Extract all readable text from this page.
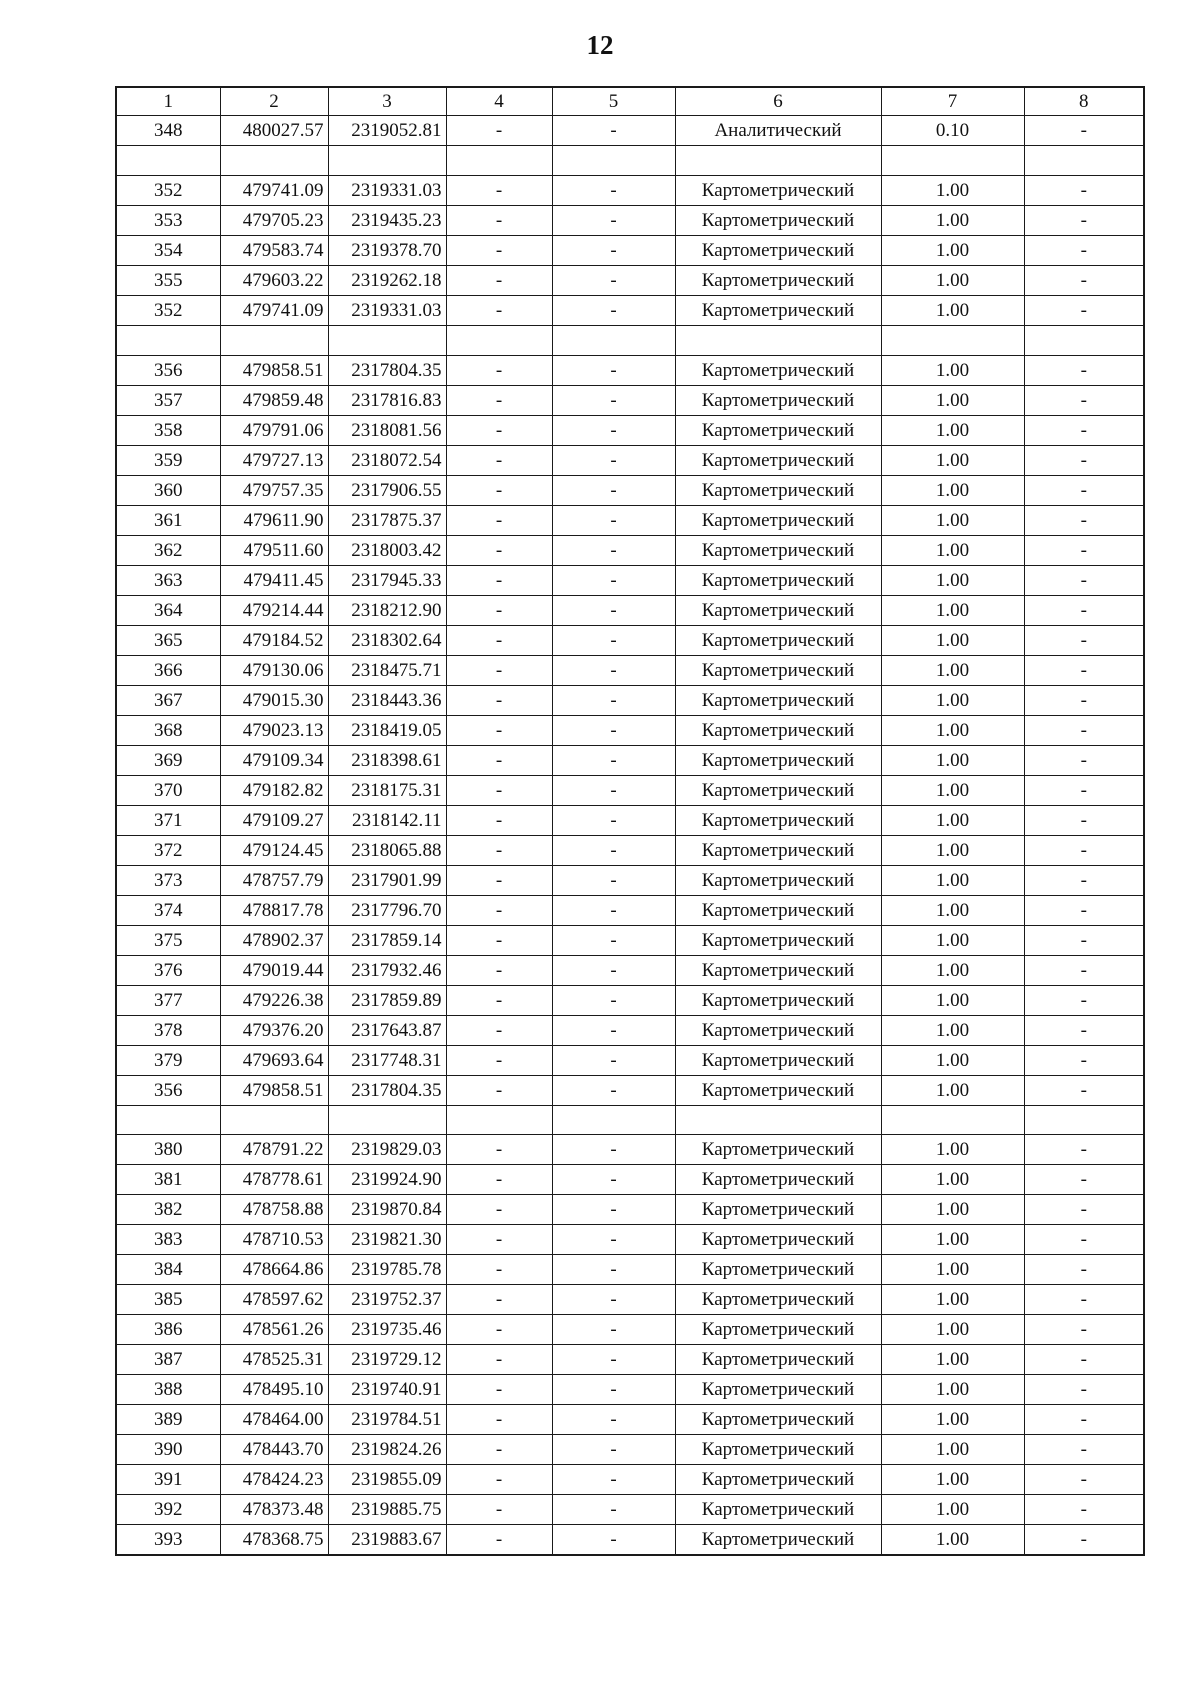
12
1	2	3	4	5	6	7	8
348	480027.57	2319052.81	-	-	Аналитический	0.10	-

352	479741.09	2319331.03	-	-	Картометрический	1.00	-
353	479705.23	2319435.23	-	-	Картометрический	1.00	-
354	479583.74	2319378.70	-	-	Картометрический	1.00	-
355	479603.22	2319262.18	-	-	Картометрический	1.00	-
352	479741.09	2319331.03	-	-	Картометрический	1.00	-

356	479858.51	2317804.35	-	-	Картометрический	1.00	-
357	479859.48	2317816.83	-	-	Картометрический	1.00	-
358	479791.06	2318081.56	-	-	Картометрический	1.00	-
359	479727.13	2318072.54	-	-	Картометрический	1.00	-
360	479757.35	2317906.55	-	-	Картометрический	1.00	-
361	479611.90	2317875.37	-	-	Картометрический	1.00	-
362	479511.60	2318003.42	-	-	Картометрический	1.00	-
363	479411.45	2317945.33	-	-	Картометрический	1.00	-
364	479214.44	2318212.90	-	-	Картометрический	1.00	-
365	479184.52	2318302.64	-	-	Картометрический	1.00	-
366	479130.06	2318475.71	-	-	Картометрический	1.00	-
367	479015.30	2318443.36	-	-	Картометрический	1.00	-
368	479023.13	2318419.05	-	-	Картометрический	1.00	-
369	479109.34	2318398.61	-	-	Картометрический	1.00	-
370	479182.82	2318175.31	-	-	Картометрический	1.00	-
371	479109.27	2318142.11	-	-	Картометрический	1.00	-
372	479124.45	2318065.88	-	-	Картометрический	1.00	-
373	478757.79	2317901.99	-	-	Картометрический	1.00	-
374	478817.78	2317796.70	-	-	Картометрический	1.00	-
375	478902.37	2317859.14	-	-	Картометрический	1.00	-
376	479019.44	2317932.46	-	-	Картометрический	1.00	-
377	479226.38	2317859.89	-	-	Картометрический	1.00	-
378	479376.20	2317643.87	-	-	Картометрический	1.00	-
379	479693.64	2317748.31	-	-	Картометрический	1.00	-
356	479858.51	2317804.35	-	-	Картометрический	1.00	-

380	478791.22	2319829.03	-	-	Картометрический	1.00	-
381	478778.61	2319924.90	-	-	Картометрический	1.00	-
382	478758.88	2319870.84	-	-	Картометрический	1.00	-
383	478710.53	2319821.30	-	-	Картометрический	1.00	-
384	478664.86	2319785.78	-	-	Картометрический	1.00	-
385	478597.62	2319752.37	-	-	Картометрический	1.00	-
386	478561.26	2319735.46	-	-	Картометрический	1.00	-
387	478525.31	2319729.12	-	-	Картометрический	1.00	-
388	478495.10	2319740.91	-	-	Картометрический	1.00	-
389	478464.00	2319784.51	-	-	Картометрический	1.00	-
390	478443.70	2319824.26	-	-	Картометрический	1.00	-
391	478424.23	2319855.09	-	-	Картометрический	1.00	-
392	478373.48	2319885.75	-	-	Картометрический	1.00	-
393	478368.75	2319883.67	-	-	Картометрический	1.00	-
